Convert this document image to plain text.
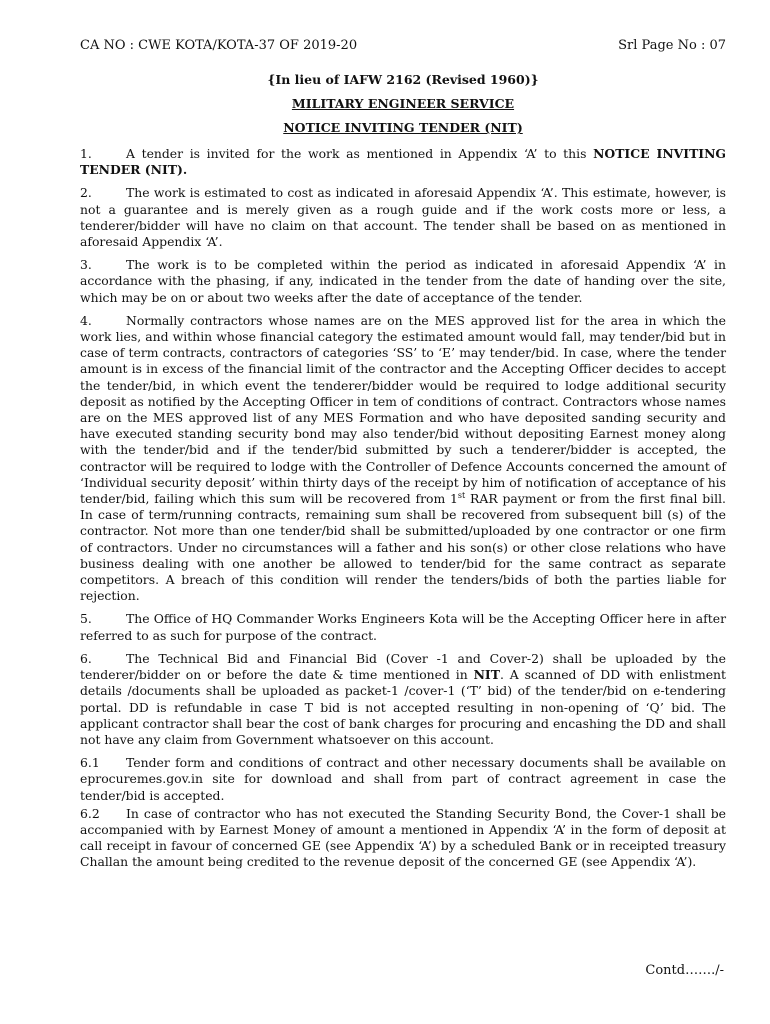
CA NO : CWE KOTA/KOTA-37 OF 2019-20	Srl Page No : 07
{In lieu of IAFW 2162 (Revised 1960)}
MILITARY ENGINEER SERVICE
NOTICE INVITING TENDER (NIT)

1.	A tender is invited for the work as mentioned in Appendix ‘A’ to this NOTICE INVITING TENDER (NIT).

2.	The work is estimated to cost as indicated in aforesaid Appendix ‘A’. This estimate, however, is not a guarantee and is merely given as a rough guide and if the work costs more or less, a tenderer/bidder will have no claim on that account. The tender shall be based on as mentioned in aforesaid Appendix ‘A’.

3.	The work is to be completed within the period as indicated in aforesaid Appendix ‘A’ in accordance with the phasing, if any, indicated in the tender from the date of handing over the site, which may be on or about two weeks after the date of acceptance of the tender.

4.	Normally contractors whose names are on the MES approved list for the area in which the work lies, and within whose financial category the estimated amount would fall, may tender/bid but in case of term contracts, contractors of categories ‘SS’ to ‘E’ may tender/bid. In case, where the tender amount is in excess of the financial limit of the contractor and the Accepting Officer decides to accept the tender/bid, in which event the tenderer/bidder would be required to lodge additional security deposit as notified by the Accepting Officer in tem of conditions of contract. Contractors whose names are on the MES approved list of any MES Formation and who have deposited sanding security and have executed standing security bond may also tender/bid without depositing Earnest money along with the tender/bid and if the tender/bid submitted by such a tenderer/bidder is accepted, the contractor will be required to lodge with the Controller of Defence Accounts concerned the amount of ‘Individual security deposit’ within thirty days of the receipt by him of notification of acceptance of his tender/bid, failing which this sum will be recovered from 1st RAR payment or from the first final bill. In case of term/running contracts, remaining sum shall be recovered from subsequent bill (s) of the contractor. Not more than one tender/bid shall be submitted/uploaded by one contractor or one firm of contractors. Under no circumstances will a father and his son(s) or other close relations who have business dealing with one another be allowed to tender/bid for the same contract as separate competitors. A breach of this condition will render the tenders/bids of both the parties liable for rejection.

5.	The Office of HQ Commander Works Engineers Kota will be the Accepting Officer here in after referred to as such for purpose of the contract.

6.	The Technical Bid and Financial Bid (Cover -1 and Cover-2) shall be uploaded by the tenderer/bidder on or before the date & time mentioned in NIT. A scanned of DD with enlistment details /documents shall be uploaded as packet-1 /cover-1 (‘T’ bid) of the tender/bid on e-tendering portal. DD is refundable in case T bid is not accepted resulting in non-opening of ‘Q’ bid. The applicant contractor shall bear the cost of bank charges for procuring and encashing the DD and shall not have any claim from Government whatsoever on this account.

6.1 Tender form and conditions of contract and other necessary documents shall be available on eprocuremes.gov.in site for download and shall from part of contract agreement in case the tender/bid is accepted.

6.2 In case of contractor who has not executed the Standing Security Bond, the Cover-1 shall be accompanied with by Earnest Money of amount a mentioned in Appendix ‘A’ in the form of deposit at call receipt in favour of concerned GE (see Appendix ‘A’) by a scheduled Bank or in receipted treasury Challan the amount being credited to the revenue deposit of the concerned GE (see Appendix ‘A’).

Contd……./-
